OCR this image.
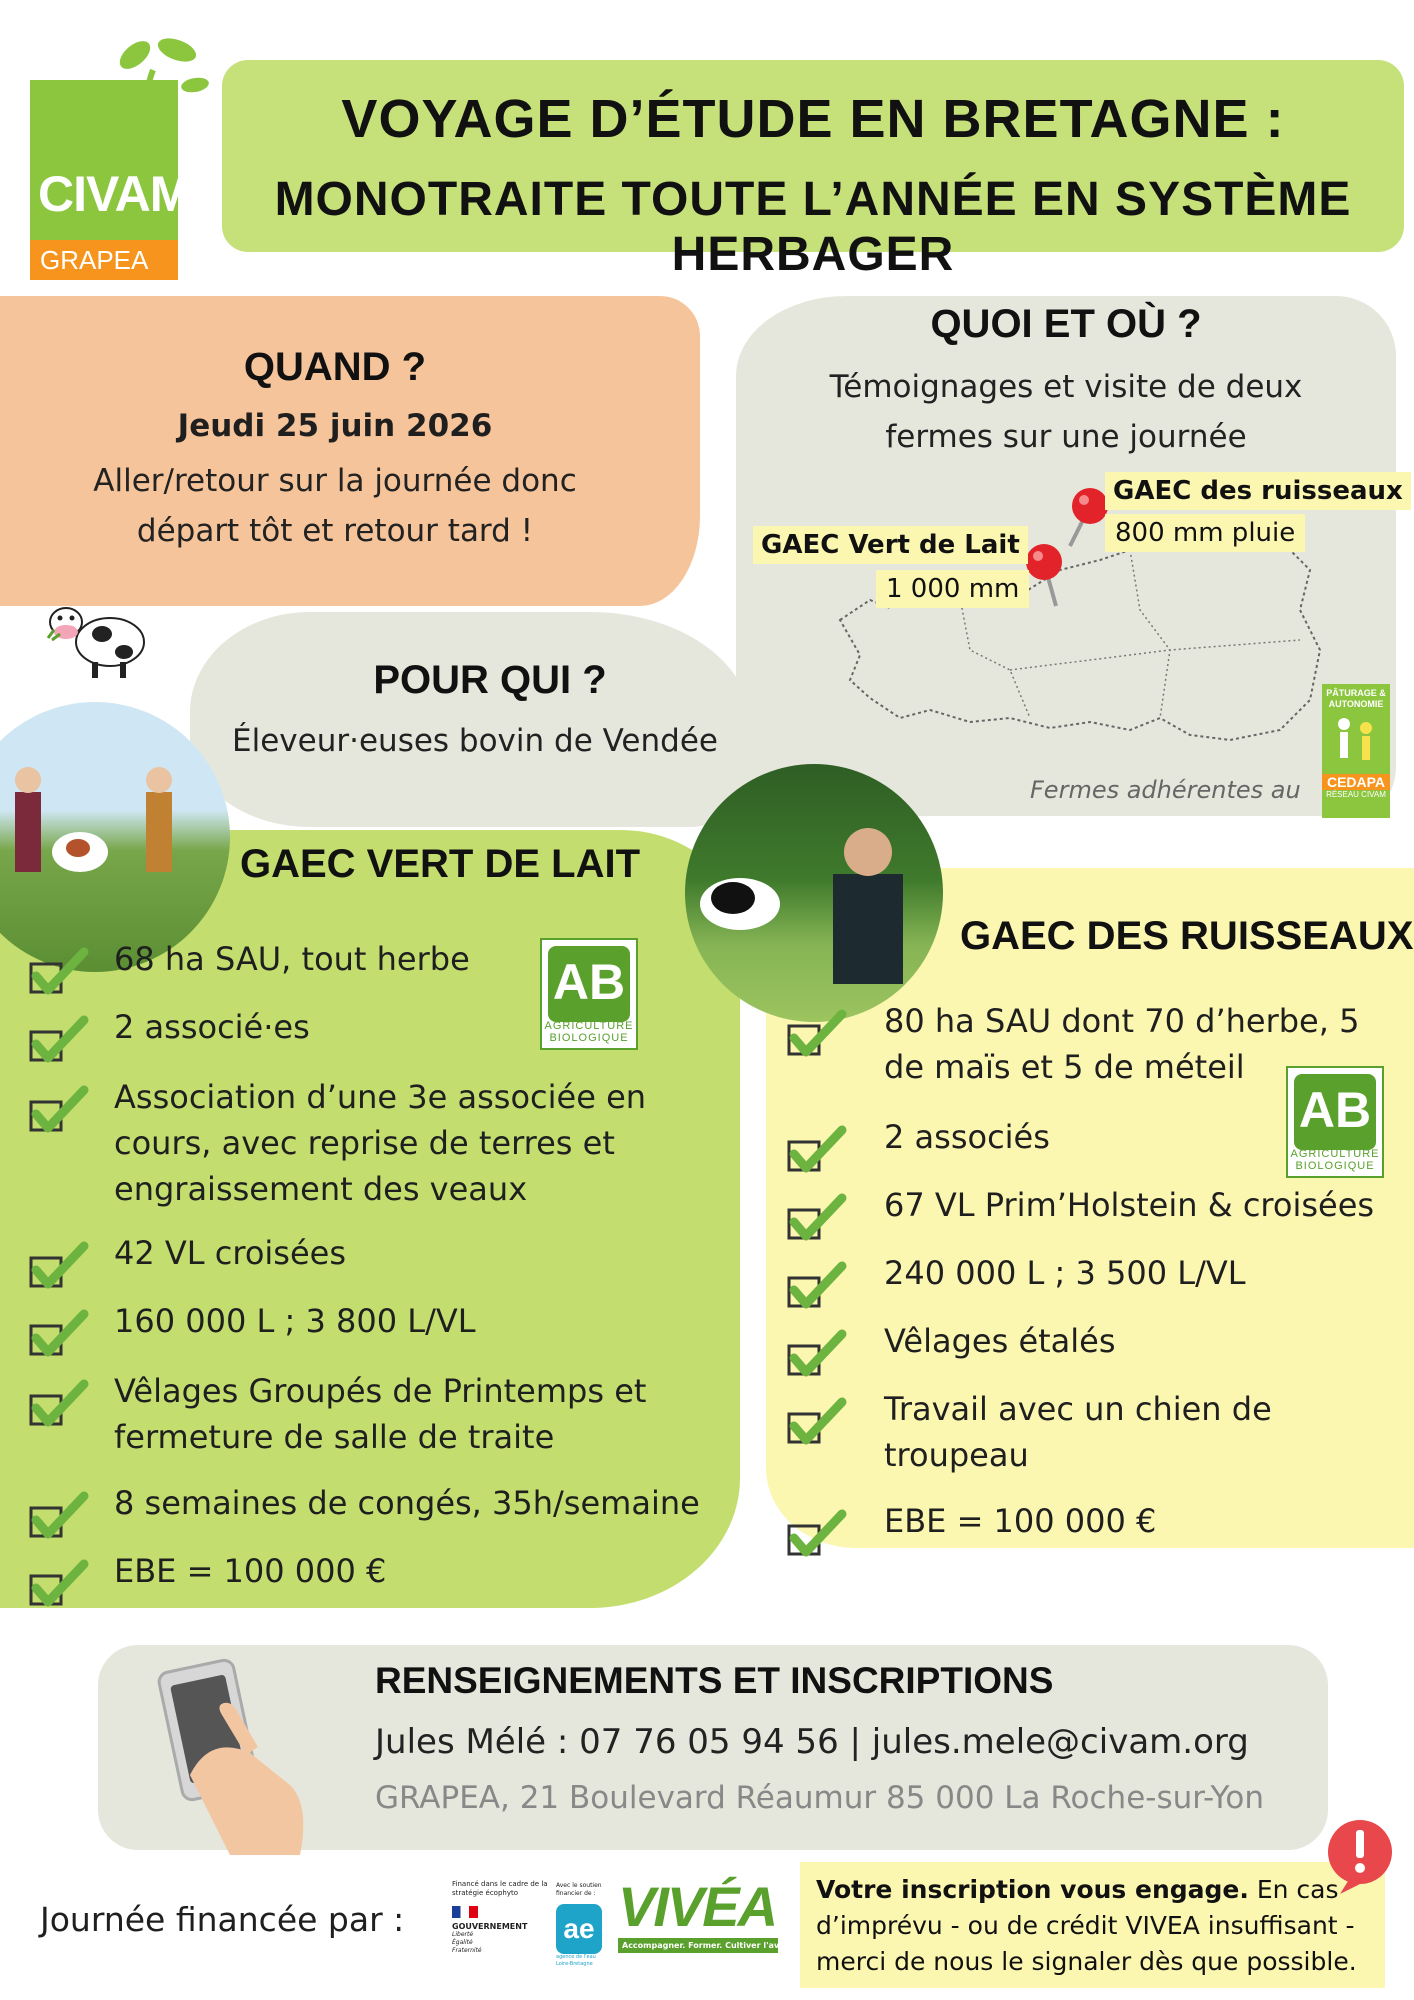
CIVAM
GRAPEA
VOYAGE D’ÉTUDE EN BRETAGNE :
MONOTRAITE TOUTE L’ANNÉE EN SYSTÈME HERBAGER
QUAND ?
Jeudi 25 juin 2026
Aller/retour sur la journée donc
départ tôt et retour tard !
QUOI ET OÙ ?
Témoignages et visite de deux
fermes sur une journée
GAEC des ruisseaux
800 mm pluie
GAEC Vert de Lait
1 000 mm
Fermes adhérentes au
PÂTURAGE & AUTONOMIE
CEDAPA
RÉSEAU CIVAM
POUR QUI ?
Éleveur·euses bovin de Vendée
GAEC VERT DE LAIT
AB
AGRICULTURE
BIOLOGIQUE
68 ha SAU, tout herbe
2 associé·es
Association d’une 3e associée en
cours, avec reprise de terres et
engraissement des veaux
42 VL croisées
160 000 L ; 3 800 L/VL
Vêlages Groupés de Printemps et
fermeture de salle de traite
8 semaines de congés, 35h/semaine
EBE = 100 000 €
GAEC DES RUISSEAUX
AB
AGRICULTURE
BIOLOGIQUE
80 ha SAU dont 70 d’herbe, 5
de maïs et 5 de méteil
2 associés
67 VL Prim’Holstein & croisées
240 000 L ; 3 500 L/VL
Vêlages étalés
Travail avec un chien de
troupeau
EBE = 100 000 €
RENSEIGNEMENTS ET INSCRIPTIONS
Jules Mélé : 07 76 05 94 56 | jules.mele@civam.org
GRAPEA, 21 Boulevard Réaumur 85 000 La Roche-sur-Yon
Journée financée par :
Financé dans le cadre de la stratégie écophyto
GOUVERNEMENT
Liberté Égalité Fraternité
Avec le soutien financier de :
ae
agence de l'eau Loire-Bretagne
VIVÉA
Accompagner. Former. Cultiver l'avenir.
Votre inscription vous engage. En cas
d’imprévu - ou de crédit VIVEA insuffisant -
merci de nous le signaler dès que possible.
